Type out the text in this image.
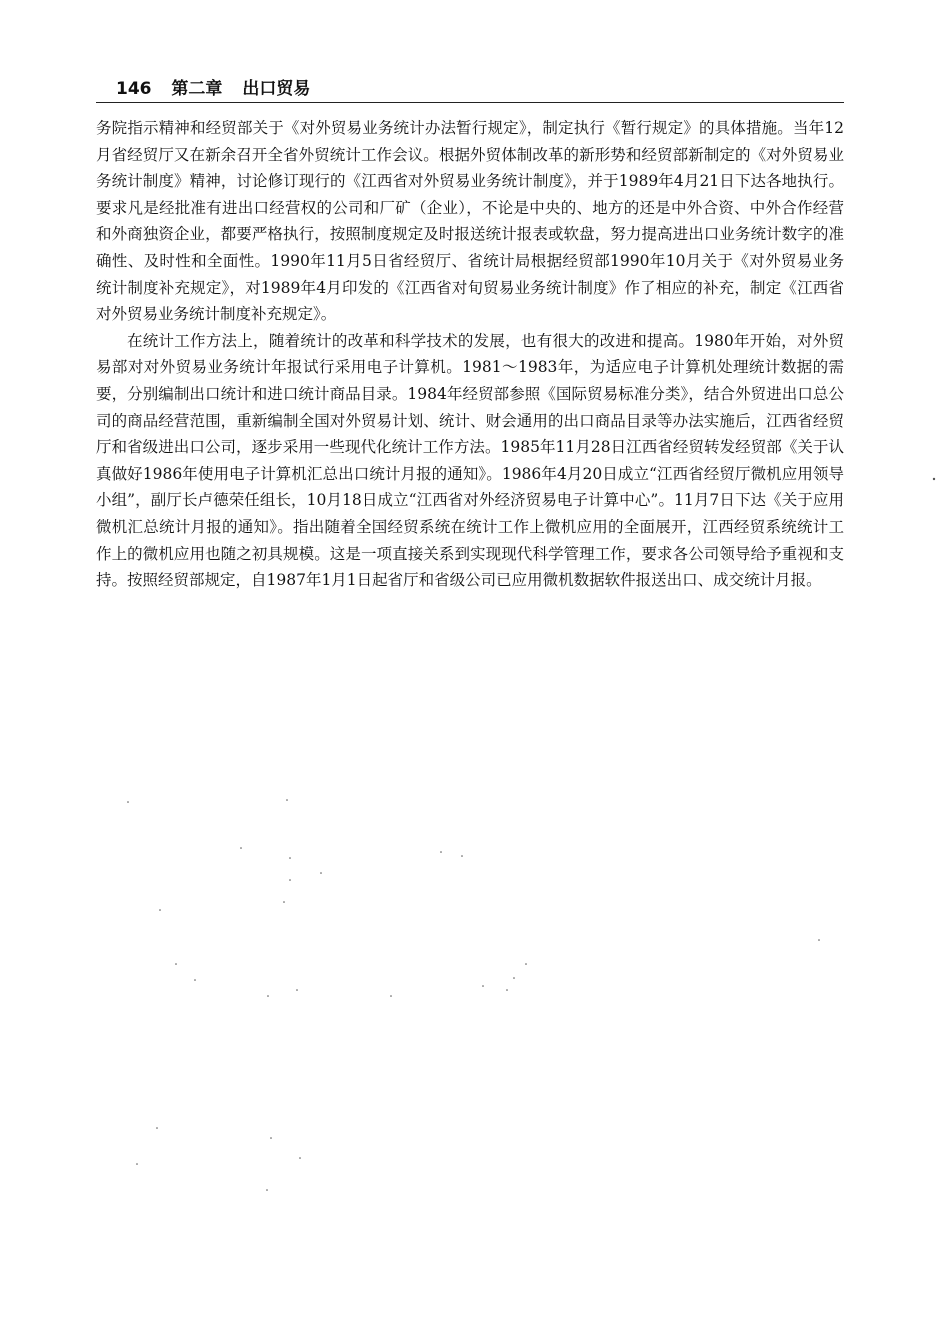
146 第二章 出口贸易

务院指示精神和经贸部关于《对外贸易业务统计办法暂行规定》，制定执行《暂行规定》的具体措施。当年12月省经贸厅又在新余召开全省外贸统计工作会议。根据外贸体制改革的新形势和经贸部新制定的《对外贸易业务统计制度》精神，讨论修订现行的《江西省对外贸易业务统计制度》，并于1989年4月21日下达各地执行。要求凡是经批准有进出口经营权的公司和厂矿（企业），不论是中央的、地方的还是中外合资、中外合作经营和外商独资企业，都要严格执行，按照制度规定及时报送统计报表或软盘，努力提高进出口业务统计数字的准确性、及时性和全面性。1990年11月5日省经贸厅、省统计局根据经贸部1990年10月关于《对外贸易业务统计制度补充规定》，对1989年4月印发的《江西省对旬贸易业务统计制度》作了相应的补充，制定《江西省对外贸易业务统计制度补充规定》。

在统计工作方法上，随着统计的改革和科学技术的发展，也有很大的改进和提高。1980年开始，对外贸易部对对外贸易业务统计年报试行采用电子计算机。1981～1983年，为适应电子计算机处理统计数据的需要，分别编制出口统计和进口统计商品目录。1984年经贸部参照《国际贸易标准分类》，结合外贸进出口总公司的商品经营范围，重新编制全国对外贸易计划、统计、财会通用的出口商品目录等办法实施后，江西省经贸厅和省级进出口公司，逐步采用一些现代化统计工作方法。1985年11月28日江西省经贸转发经贸部《关于认真做好1986年使用电子计算机汇总出口统计月报的通知》。1986年4月20日成立“江西省经贸厅微机应用领导小组”，副厅长卢德荣任组长，10月18日成立“江西省对外经济贸易电子计算中心”。11月7日下达《关于应用微机汇总统计月报的通知》。指出随着全国经贸系统在统计工作上微机应用的全面展开，江西经贸系统统计工作上的微机应用也随之初具规模。这是一项直接关系到实现现代科学管理工作，要求各公司领导给予重视和支持。按照经贸部规定，自1987年1月1日起省厅和省级公司已应用微机数据软件报送出口、成交统计月报。
